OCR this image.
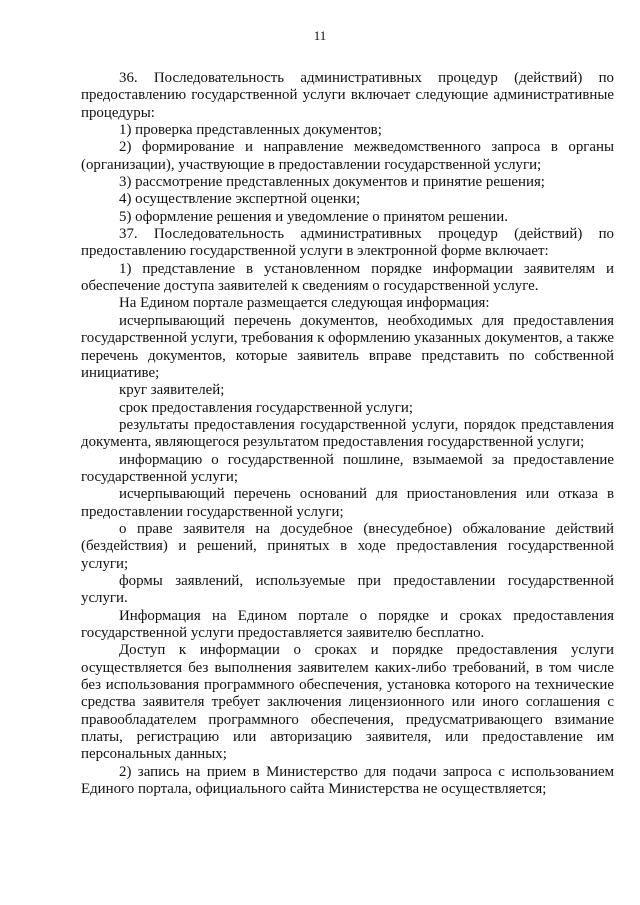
11

36. Последовательность административных процедур (действий) по предоставлению государственной услуги включает следующие административные процедуры:

1) проверка представленных документов;

2) формирование и направление межведомственного запроса в органы (организации), участвующие в предоставлении государственной услуги;

3) рассмотрение представленных документов и принятие решения;

4) осуществление экспертной оценки;

5) оформление решения и уведомление о принятом решении.

37. Последовательность административных процедур (действий) по предоставлению государственной услуги в электронной форме включает:

1) представление в установленном порядке информации заявителям и обеспечение доступа заявителей к сведениям о государственной услуге.

На Едином портале размещается следующая информация:

исчерпывающий перечень документов, необходимых для предоставления государственной услуги, требования к оформлению указанных документов, а также перечень документов, которые заявитель вправе представить по собственной инициативе;

круг заявителей;

срок предоставления государственной услуги;

результаты предоставления государственной услуги, порядок представления документа, являющегося результатом предоставления государственной услуги;

информацию о государственной пошлине, взымаемой за предоставление государственной услуги;

исчерпывающий перечень оснований для приостановления или отказа в предоставлении государственной услуги;

о праве заявителя на досудебное (внесудебное) обжалование действий (бездействия) и решений, принятых в ходе предоставления государственной услуги;

формы заявлений, используемые при предоставлении государственной услуги.

Информация на Едином портале о порядке и сроках предоставления государственной услуги предоставляется заявителю бесплатно.

Доступ к информации о сроках и порядке предоставления услуги осуществляется без выполнения заявителем каких-либо требований, в том числе без использования программного обеспечения, установка которого на технические средства заявителя требует заключения лицензионного или иного соглашения с правообладателем программного обеспечения, предусматривающего взимание платы, регистрацию или авторизацию заявителя, или предоставление им персональных данных;

2) запись на прием в Министерство для подачи запроса с использованием Единого портала, официального сайта Министерства не осуществляется;
